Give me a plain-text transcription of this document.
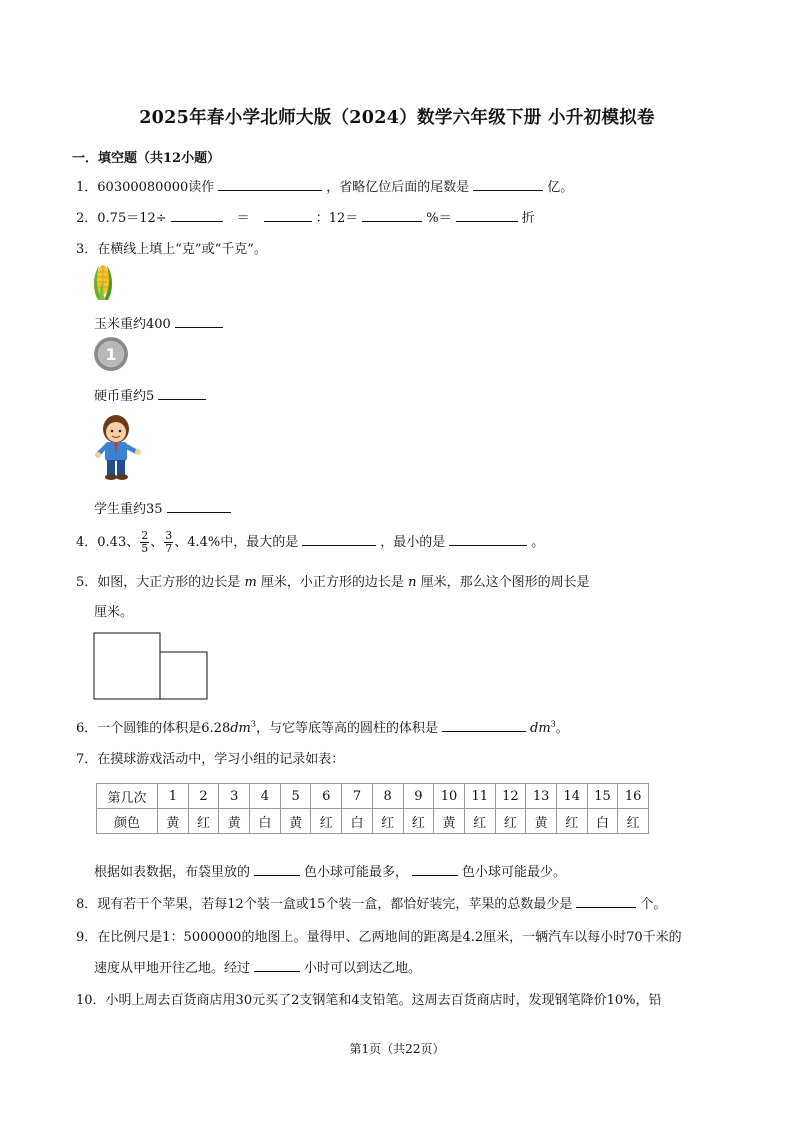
2025年春小学北师大版（2024）数学六年级下册 小升初模拟卷
一．填空题（共12小题）
1．60300080000读作	，省略亿位后面的尾数是	亿。
2．0.75＝12÷	＝	：12＝	%＝	折
3．在横线上填上“克”或“千克”。
玉米重约400
1
硬币重约5
学生重约35
4．0.43、 $\frac{2}{5}$ 、 $\frac{3}{7}$ 、4.4%中，最大的是	，最小的是	。
5．如图，大正方形的边长是 m 厘米，小正方形的边长是 n 厘米，那么这个图形的周长是
厘米。
6．一个圆锥的体积是$6.28dm^3$，与它等底等高的圆柱的体积是	$dm^3$。
7．在摸球游戏活动中，学习小组的记录如表：
第几次	1	2	3	4	5	6	7	8	9	10	11	12	13	14	15	16
颜色	黄	红	黄	白	黄	红	白	红	红	黄	红	红	黄	红	白	红
根据如表数据，布袋里放的	色小球可能最多，	色小球可能最少。
8．现有若干个苹果，若每12个装一盒或15个装一盒，都恰好装完，苹果的总数最少是	个。
9．在比例尺是1：5000000的地图上。量得甲、乙两地间的距离是4.2厘米，一辆汽车以每小时70千米的
速度从甲地开往乙地。经过	小时可以到达乙地。
10．小明上周去百货商店用30元买了2支钢笔和4支铅笔。这周去百货商店时，发现钢笔降价10%，铅
第1页（共22页）
